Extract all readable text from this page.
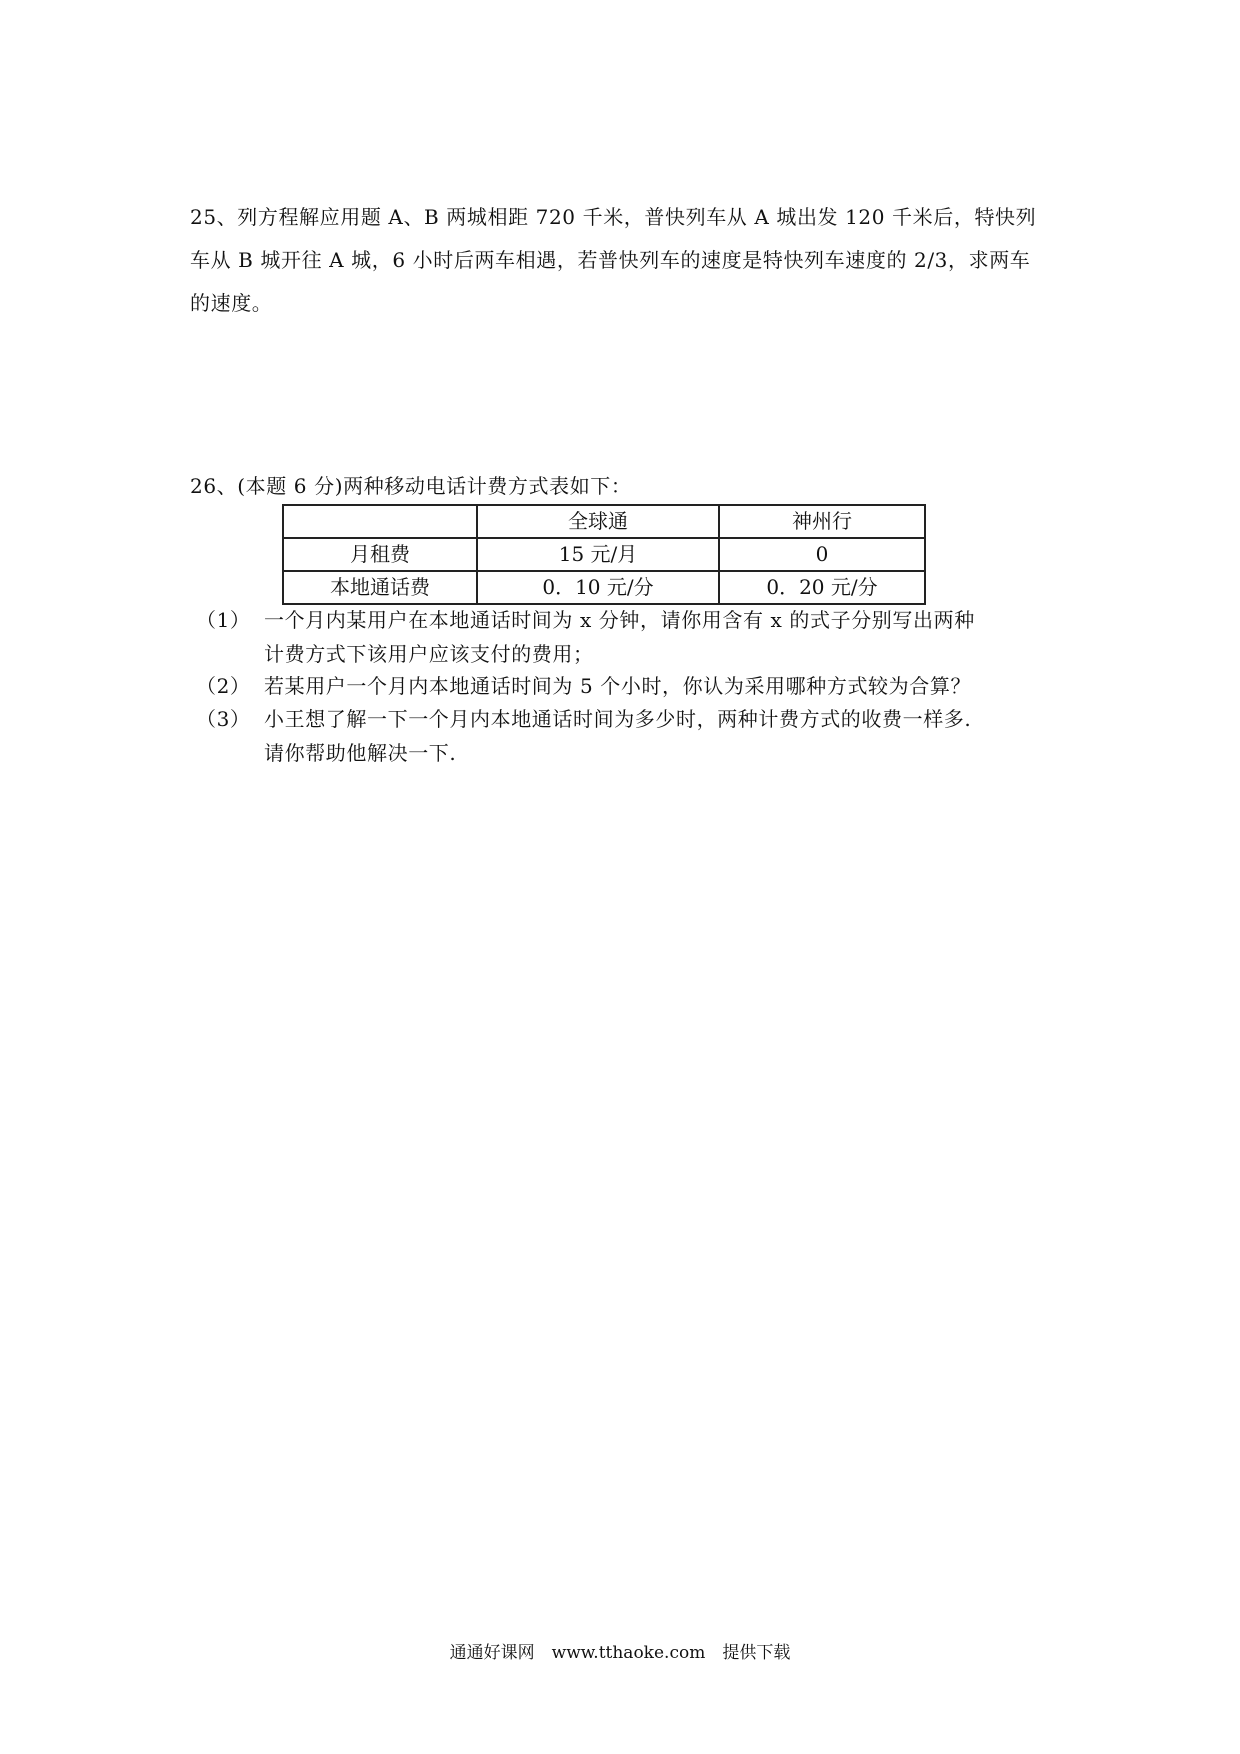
25、列方程解应用题 A、B 两城相距 720 千米，普快列车从 A 城出发 120 千米后，特快列
车从 B 城开往 A 城，6 小时后两车相遇，若普快列车的速度是特快列车速度的 2/3，求两车
的速度。
26、(本题 6 分)两种移动电话计费方式表如下：
	全球通	神州行
月租费	15 元/月	0
本地通话费	0．10 元/分	0．20 元/分
（1） 一个月内某用户在本地通话时间为 x 分钟，请你用含有 x 的式子分别写出两种
计费方式下该用户应该支付的费用；
（2） 若某用户一个月内本地通话时间为 5 个小时，你认为采用哪种方式较为合算？
（3） 小王想了解一下一个月内本地通话时间为多少时，两种计费方式的收费一样多.
请你帮助他解决一下.
通通好课网　www.tthaoke.com　提供下载
